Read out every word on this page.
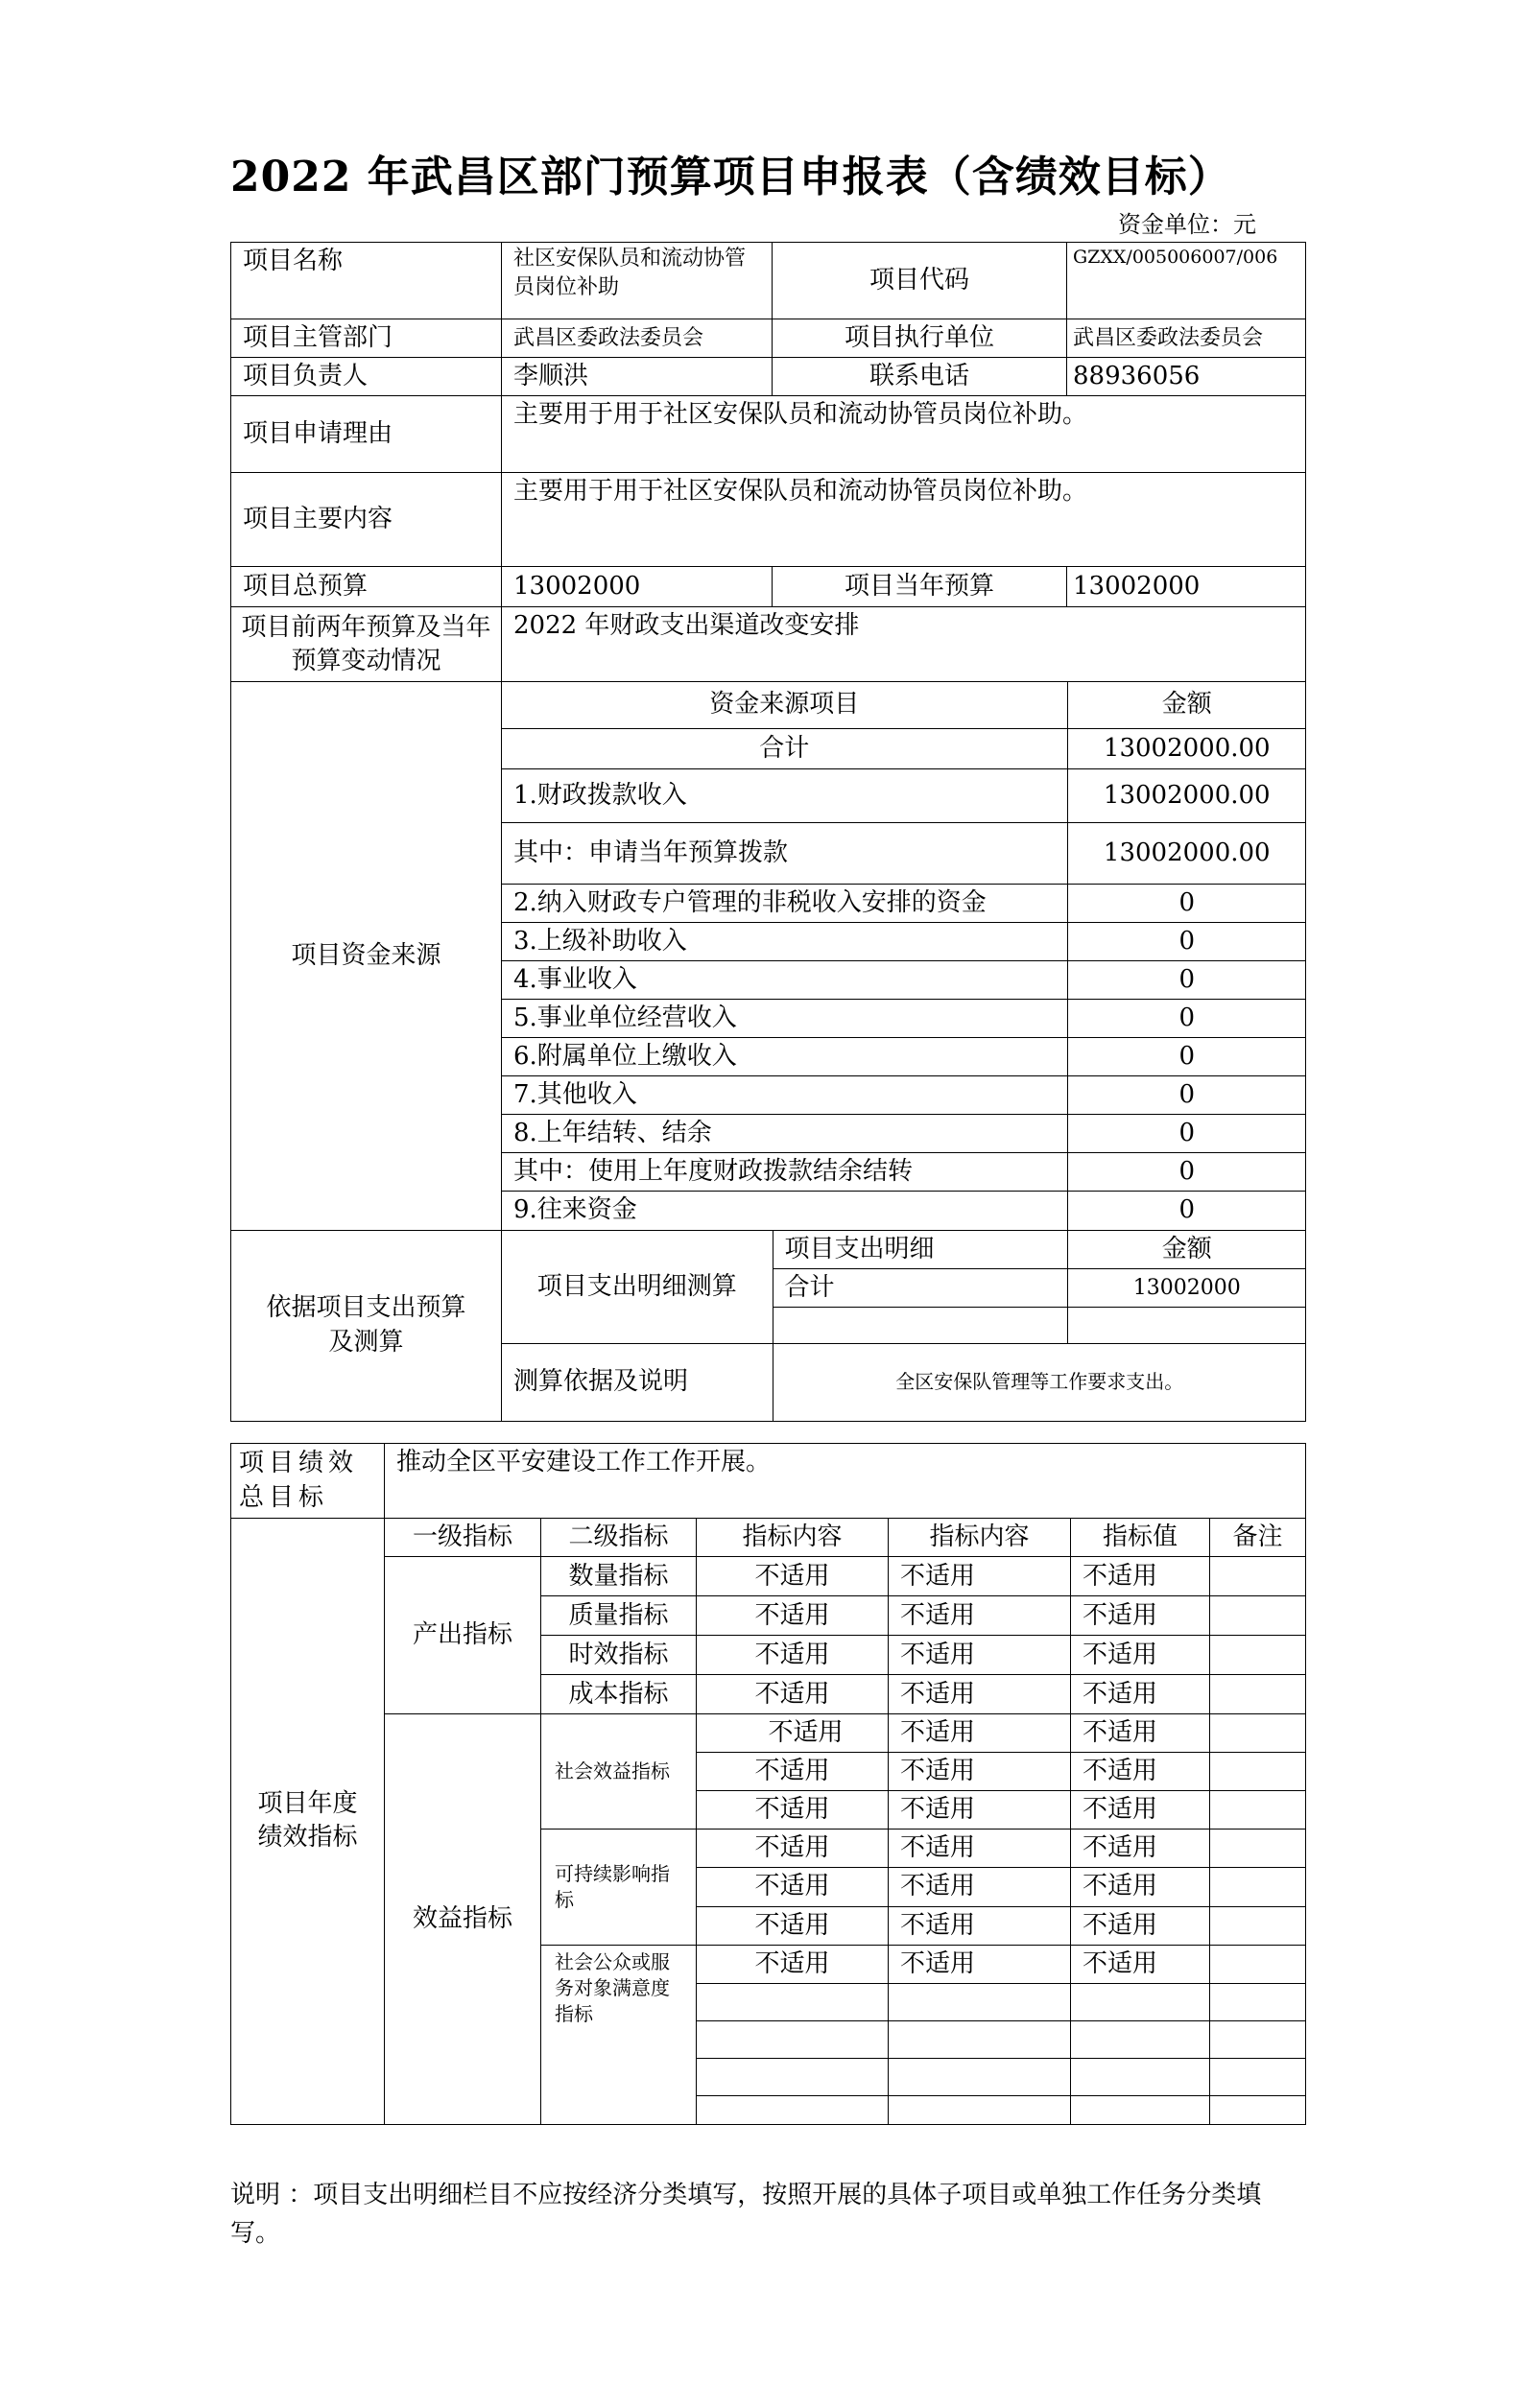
2022 年武昌区部门预算项目申报表（含绩效目标）
资金单位：元
项目名称	社区安保队员和流动协管员岗位补助	项目代码	GZXX/005006007/006
项目主管部门	武昌区委政法委员会	项目执行单位	武昌区委政法委员会
项目负责人	李顺洪	联系电话	88936056
项目申请理由	主要用于用于社区安保队员和流动协管员岗位补助。
项目主要内容	主要用于用于社区安保队员和流动协管员岗位补助。
项目总预算	13002000	项目当年预算	13002000
项目前两年预算及当年预算变动情况	2022 年财政支出渠道改变安排
项目资金来源	
资金来源项目	金额
合计	13002000.00
1.财政拨款收入	13002000.00
其中：申请当年预算拨款	13002000.00
2.纳入财政专户管理的非税收入安排的资金	0
3.上级补助收入	0
4.事业收入	0
5.事业单位经营收入	0
6.附属单位上缴收入	0
7.其他收入	0
8.上年结转、结余	0
其中：使用上年度财政拨款结余结转	0
9.往来资金	0

依据项目支出预算及测算	
项目支出明细测算	项目支出明细	金额
合计	13002000

测算依据及说明	全区安保队管理等工作要求支出。
项目绩效总目标	推动全区平安建设工作工作开展。					
项目年度绩效指标	一级指标	二级指标	指标内容	指标内容	指标值	备注
	产出指标	数量指标	不适用	不适用	不适用	
		质量指标	不适用	不适用	不适用	
		时效指标	不适用	不适用	不适用	
		成本指标	不适用	不适用	不适用	
	效益指标	社会效益指标	不适用	不适用	不适用	
			不适用	不适用	不适用	
			不适用	不适用	不适用	
		可持续影响指标	不适用	不适用	不适用	
			不适用	不适用	不适用	
			不适用	不适用	不适用	
		社会公众或服务对象满意度指标	不适用	不适用	不适用	

说明 ：项目支出明细栏目不应按经济分类填写，按照开展的具体子项目或单独工作任务分类填写。
